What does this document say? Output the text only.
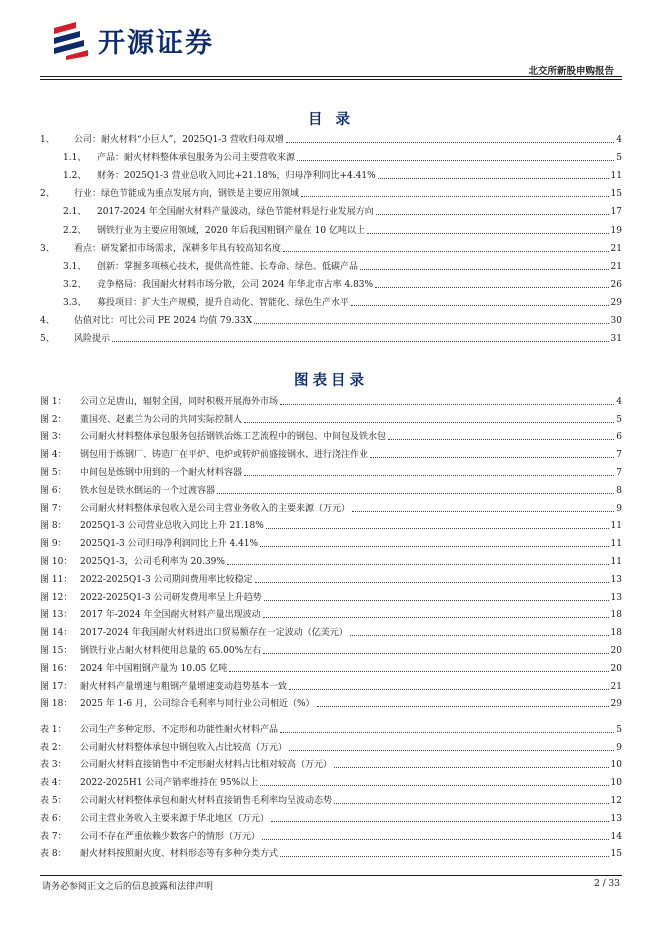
开源证券
北交所新股申购报告
目 录
1、	公司：耐火材料“小巨人”，2025Q1-3 营收归母双增	4
1.1、	产品：耐火材料整体承包服务为公司主要营收来源	5
1.2、	财务：2025Q1-3 营业总收入同比+21.18%，归母净利同比+4.41%	11
2、	行业：绿色节能成为重点发展方向，钢铁是主要应用领域	15
2.1、	2017-2024 年全国耐火材料产量波动，绿色节能材料是行业发展方向	17
2.2、	钢铁行业为主要应用领域，2020 年后我国粗钢产量在 10 亿吨以上	19
3、	看点：研发紧扣市场需求，深耕多年具有较高知名度	21
3.1、	创新：掌握多项核心技术，提供高性能、长寿命、绿色、低碳产品	21
3.2、	竞争格局：我国耐火材料市场分散，公司 2024 年华北市占率 4.83%	26
3.3、	募投项目：扩大生产规模，提升自动化、智能化、绿色生产水平	29
4、	估值对比：可比公司 PE 2024 均值 79.33X	30
5、	风险提示	31
图表目录
图 1：	公司立足唐山，辐射全国，同时积极开展海外市场	4
图 2：	董国亮、赵素兰为公司的共同实际控制人	5
图 3：	公司耐火材料整体承包服务包括钢铁冶炼工艺流程中的钢包、中间包及铁水包	6
图 4：	钢包用于炼钢厂、铸造厂在平炉、电炉或转炉前盛接钢水、进行浇注作业	7
图 5：	中间包是炼钢中用到的一个耐火材料容器	7
图 6：	铁水包是铁水倒运的一个过渡容器	8
图 7：	公司耐火材料整体承包收入是公司主营业务收入的主要来源（万元）	9
图 8：	2025Q1-3 公司营业总收入同比上升 21.18%	11
图 9：	2025Q1-3 公司归母净利润同比上升 4.41%	11
图 10： 2025Q1-3，公司毛利率为 20.39%	11
图 11： 2022-2025Q1-3 公司期间费用率比较稳定	13
图 12： 2022-2025Q1-3 公司研发费用率呈上升趋势	13
图 13： 2017 年-2024 年全国耐火材料产量出现波动	18
图 14： 2017-2024 年我国耐火材料进出口贸易额存在一定波动（亿美元）	18
图 15： 钢铁行业占耐火材料使用总量的 65.00%左右	20
图 16： 2024 年中国粗钢产量为 10.05 亿吨	20
图 17： 耐火材料产量增速与粗钢产量增速变动趋势基本一致	21
图 18： 2025 年 1-6 月，公司综合毛利率与同行业公司相近（%）	29
表 1：	公司生产多种定形、不定形和功能性耐火材料产品	5
表 2：	公司耐火材料整体承包中钢包收入占比较高（万元）	9
表 3：	公司耐火材料直接销售中不定形耐火材料占比相对较高（万元）	10
表 4：	2022-2025H1 公司产销率维持在 95%以上	10
表 5：	公司耐火材料整体承包和耐火材料直接销售毛利率均呈波动态势	12
表 6：	公司主营业务收入主要来源于华北地区（万元）	13
表 7：	公司不存在严重依赖少数客户的情形（万元）	14
表 8：	耐火材料按照耐火度、材料形态等有多种分类方式	15
请务必参阅正文之后的信息披露和法律声明	2 / 33
